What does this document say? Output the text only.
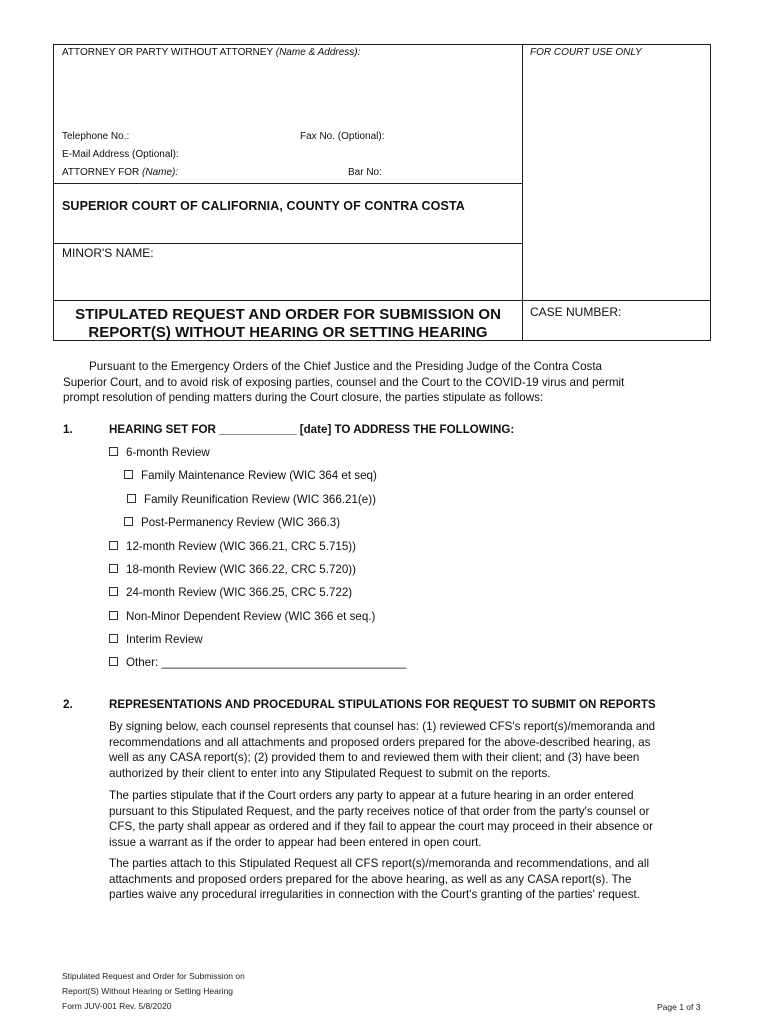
ATTORNEY OR PARTY WITHOUT ATTORNEY (Name & Address):	FOR COURT USE ONLY
Telephone No.:	Fax No. (Optional):
E-Mail Address (Optional):
ATTORNEY FOR (Name):	Bar No:
SUPERIOR COURT OF CALIFORNIA, COUNTY OF CONTRA COSTA
MINOR'S NAME:
STIPULATED REQUEST AND ORDER FOR SUBMISSION ON
REPORT(S) WITHOUT HEARING OR SETTING HEARING
CASE NUMBER:
Pursuant to the Emergency Orders of the Chief Justice and the Presiding Judge of the Contra Costa
Superior Court, and to avoid risk of exposing parties, counsel and the Court to the COVID-19 virus and permit
prompt resolution of pending matters during the Court closure, the parties stipulate as follows:
1.	HEARING SET FOR ____________ [date] TO ADDRESS THE FOLLOWING:
6-month Review
Family Maintenance Review (WIC 364 et seq)
Family Reunification Review (WIC 366.21(e))
Post-Permanency Review (WIC 366.3)
12-month Review (WIC 366.21, CRC 5.715))
18-month Review (WIC 366.22, CRC 5.720))
24-month Review (WIC 366.25, CRC 5.722)
Non-Minor Dependent Review (WIC 366 et seq.)
Interim Review
Other: ______________________________________
2.	REPRESENTATIONS AND PROCEDURAL STIPULATIONS FOR REQUEST TO SUBMIT ON REPORTS
By signing below, each counsel represents that counsel has: (1) reviewed CFS's report(s)/memoranda and
recommendations and all attachments and proposed orders prepared for the above-described hearing, as
well as any CASA report(s); (2) provided them to and reviewed them with their client; and (3) have been
authorized by their client to enter into any Stipulated Request to submit on the reports.
The parties stipulate that if the Court orders any party to appear at a future hearing in an order entered
pursuant to this Stipulated Request, and the party receives notice of that order from the party's counsel or
CFS, the party shall appear as ordered and if they fail to appear the court may proceed in their absence or
issue a warrant as if the order to appear had been entered in open court.
The parties attach to this Stipulated Request all CFS report(s)/memoranda and recommendations, and all
attachments and proposed orders prepared for the above hearing, as well as any CASA report(s). The
parties waive any procedural irregularities in connection with the Court's granting of the parties' request.
Stipulated Request and Order for Submission on
Report(S) Without Hearing or Setting Hearing
Form JUV-001 Rev. 5/8/2020	Page 1 of 3
